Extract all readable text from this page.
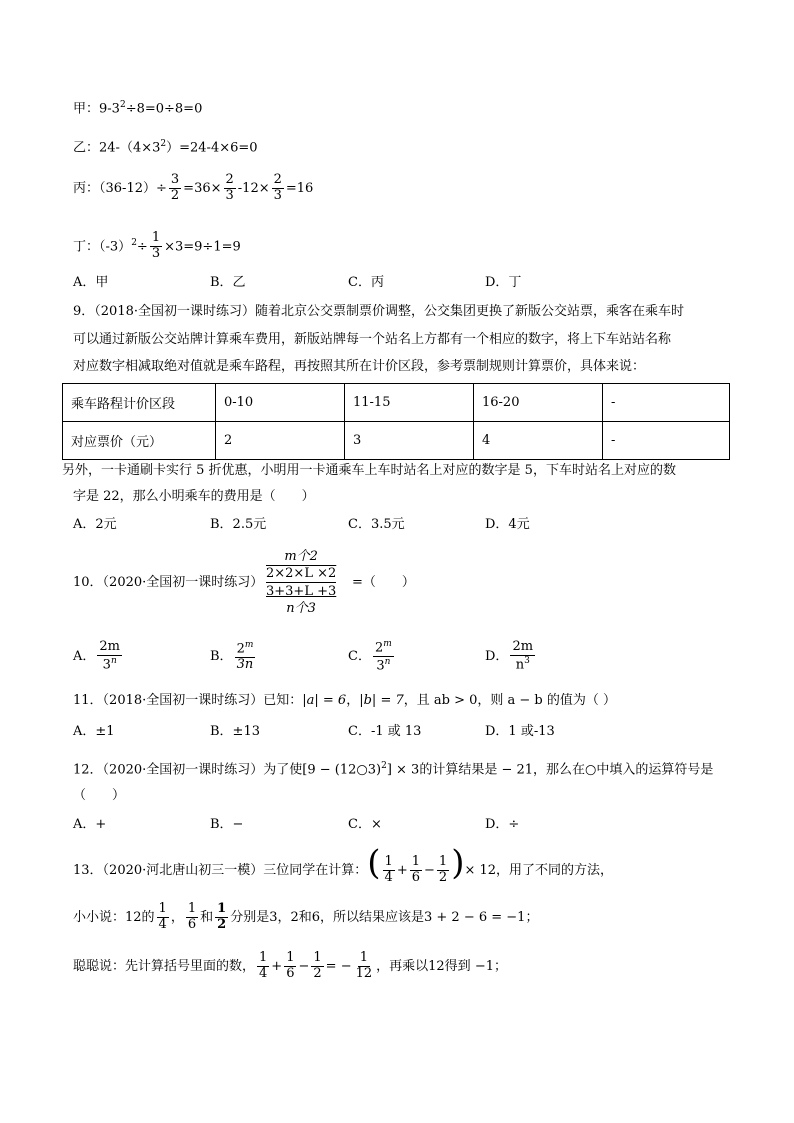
甲：$9-3^2\div 8=0\div 8=0$
乙：$24-(4\times 3^2)=24-4\times 6=0$
丙：$(36-12)\div \frac{3}{2} =36\times \frac{2}{3} -12\times \frac{2}{3} =16$
丁：$(-3)^2\div \frac{1}{3} \times 3=9\div 1=9$
A．甲	B．乙	C．丙	D．丁
9．（2018·全国初一课时练习）随着北京公交票制票价调整，公交集团更换了新版公交站票，乘客在乘车时
可以通过新版公交站牌计算乘车费用，新版站牌每一个站名上方都有一个相应的数字，将上下车站站名称
对应数字相减取绝对值就是乘车路程，再按照其所在计价区段，参考票制规则计算票价，具体来说：
乘车路程计价区段	0-10	11-15	16-20	-
对应票价（元）	2	3	4	-
另外，一卡通刷卡实行 5 折优惠，小明用一卡通乘车上车时站名上对应的数字是 5，下车时站名上对应的数
字是 22，那么小明乘车的费用是（　　）
A．2元	B．2.5元	C．3.5元	D．4元
10．（2020·全国初一课时练习）
m个2
2×2×L ×2
3+3+L +3
n个3
=（　　）
A． $\frac{2m}{3^n}$	B． $\frac{2^m}{3n}$	C． $\frac{2^m}{3^n}$	D． $\frac{2m}{n^3}$
11．（2018·全国初一课时练习）已知：|a| = 6，|b| = 7，且 ab > 0，则 a − b 的值为（ ）
A．±1	B．±13	C．-1 或 13	D．1 或-13
12．（2020·全国初一课时练习）为了使[9 − (12○3)$^2$] × 3的计算结果是 − 21，那么在○中填入的运算符号是
（　　）
A．+	B．−	C．×	D．÷
13．（2020·河北唐山初三一模）三位同学在计算：( $\frac{1}{4} + \frac{1}{6} - \frac{1}{2}$ )× 12，用了不同的方法，
小小说：12的 $\frac{1}{4}$ ， $\frac{1}{6}$ 和 $\frac{1}{2}$ 分别是3，2和6，所以结果应该是3 + 2 − 6 = −1；
聪聪说：先计算括号里面的数， $\frac{1}{4} + \frac{1}{6} - \frac{1}{2}$ = − $\frac{1}{12}$ ，再乘以12得到 −1；
